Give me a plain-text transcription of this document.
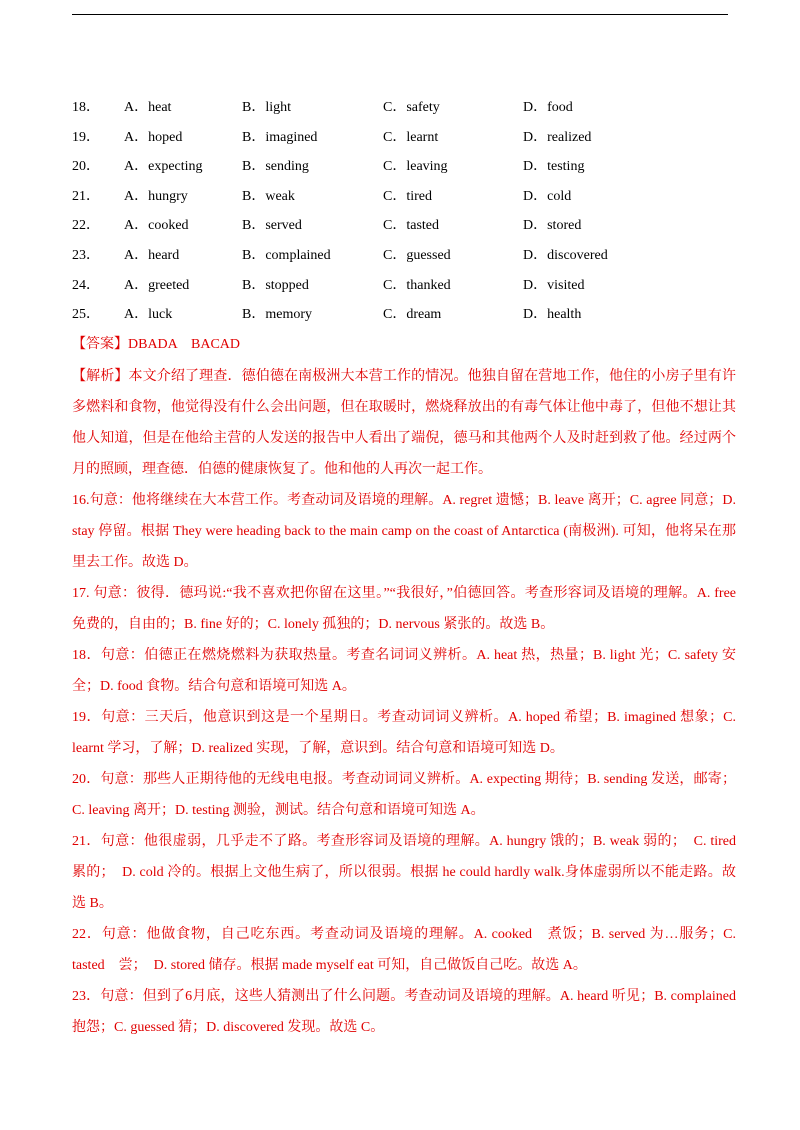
18． A．heat	B．light	C．safety	D．food
19． A．hoped	B．imagined	C．learnt	D．realized
20． A．expecting	B．sending	C．leaving	D．testing
21． A．hungry	B．weak	C．tired	D．cold
22． A．cooked	B．served	C．tasted	D．stored
23． A．heard	B．complained	C．guessed	D．discovered
24． A．greeted	B．stopped	C．thanked	D．visited
25． A．luck	B．memory	C．dream	D．health
【答案】DBADA　BACAD

【解析】本文介绍了理查．德伯德在南极洲大本营工作的情况。他独自留在营地工作，他住的小房子里有许多燃料和食物，他觉得没有什么会出问题，但在取暖时，燃烧释放出的有毒气体让他中毒了，但他不想让其他人知道，但是在他给主营的人发送的报告中人看出了端倪，德马和其他两个人及时赶到救了他。经过两个月的照顾，理查德．伯德的健康恢复了。他和他的人再次一起工作。

16.句意：他将继续在大本营工作。考查动词及语境的理解。A. regret 遗憾；B. leave 离开；C. agree 同意；D. stay 停留。根据 They were heading back to the main camp on the coast of Antarctica (南极洲). 可知，他将呆在那里去工作。故选 D。

17. 句意：彼得．德玛说:“我不喜欢把你留在这里。”“我很好，”伯德回答。考查形容词及语境的理解。A. free 免费的，自由的；B. fine 好的；C. lonely 孤独的；D. nervous 紧张的。故选 B。

18．句意：伯德正在燃烧燃料为获取热量。考查名词词义辨析。A. heat 热，热量；B. light 光；C. safety 安全；D. food 食物。结合句意和语境可知选 A。

19．句意：三天后，他意识到这是一个星期日。考查动词词义辨析。A. hoped 希望；B. imagined 想象；C. learnt 学习，了解；D. realized 实现，了解，意识到。结合句意和语境可知选 D。

20．句意：那些人正期待他的无线电电报。考查动词词义辨析。A. expecting 期待；B. sending 发送，邮寄；C. leaving 离开；D. testing 测验，测试。结合句意和语境可知选 A。

21．句意：他很虚弱，几乎走不了路。考查形容词及语境的理解。A. hungry 饿的；B. weak 弱的；　C. tired 累的；　D. cold 冷的。根据上文他生病了，所以很弱。根据 he could hardly walk.身体虚弱所以不能走路。故选 B。

22．句意：他做食物，自己吃东西。考查动词及语境的理解。A. cooked　煮饭；B. served 为…服务；C. tasted　尝；　D. stored 储存。根据 made myself eat 可知，自己做饭自己吃。故选 A。

23．句意：但到了6月底，这些人猜测出了什么问题。考查动词及语境的理解。A. heard 听见；B. complained 抱怨；C. guessed 猜；D. discovered 发现。故选 C。
